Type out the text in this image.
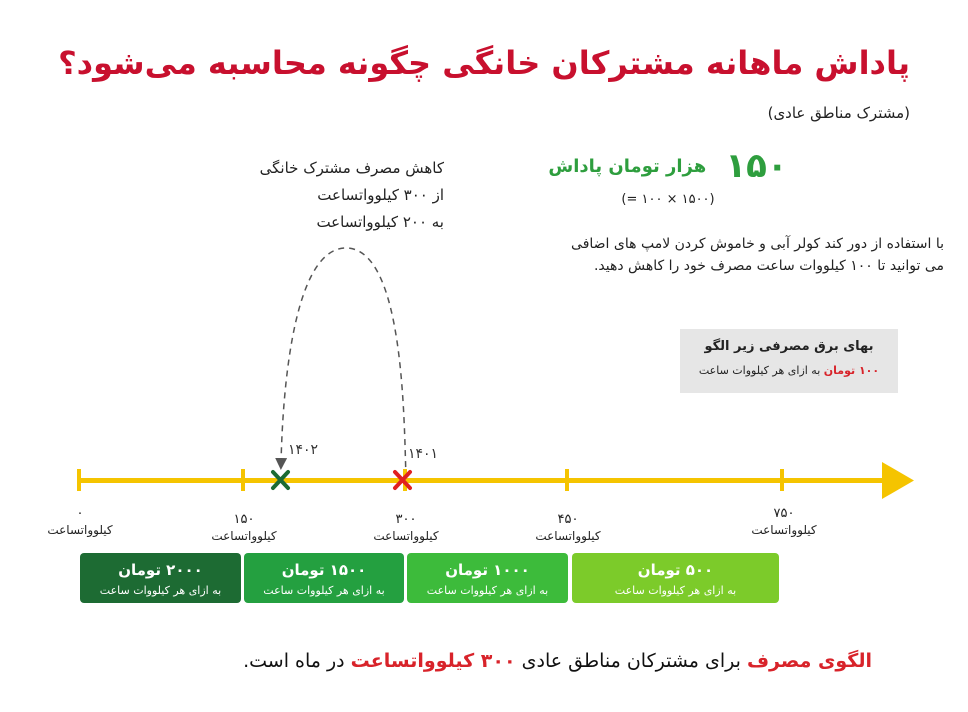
پاداش ماهانه مشترکان خانگی چگونه محاسبه می‌شود؟
(مشترک مناطق عادی)
۱۵۰ هزار تومان پاداش
(۱۵۰۰ × ۱۰۰ =)
با استفاده از دور کند کولر آبی و خاموش کردن لامپ های اضافی
می توانید تا ۱۰۰ کیلووات ساعت مصرف خود را کاهش دهید.
بهای برق مصرفی زیر الگو
۱۰۰ تومان به ازای هر کیلووات ساعت
کاهش مصرف مشترک خانگی
از ۳۰۰ کیلوواتساعت
به ۲۰۰ کیلوواتساعت
۱۴۰۲	۱۴۰۱
۰
کیلوواتساعت
۱۵۰
کیلوواتساعت
۳۰۰
کیلوواتساعت
۴۵۰
کیلوواتساعت
۷۵۰
کیلوواتساعت
۲۰۰۰ تومان
به ازای هر کیلووات ساعت
۱۵۰۰ تومان
به ازای هر کیلووات ساعت
۱۰۰۰ تومان
به ازای هر کیلووات ساعت
۵۰۰ تومان
به ازای هر کیلووات ساعت
الگوی مصرف برای مشترکان مناطق عادی ۳۰۰ کیلوواتساعت در ماه است.
